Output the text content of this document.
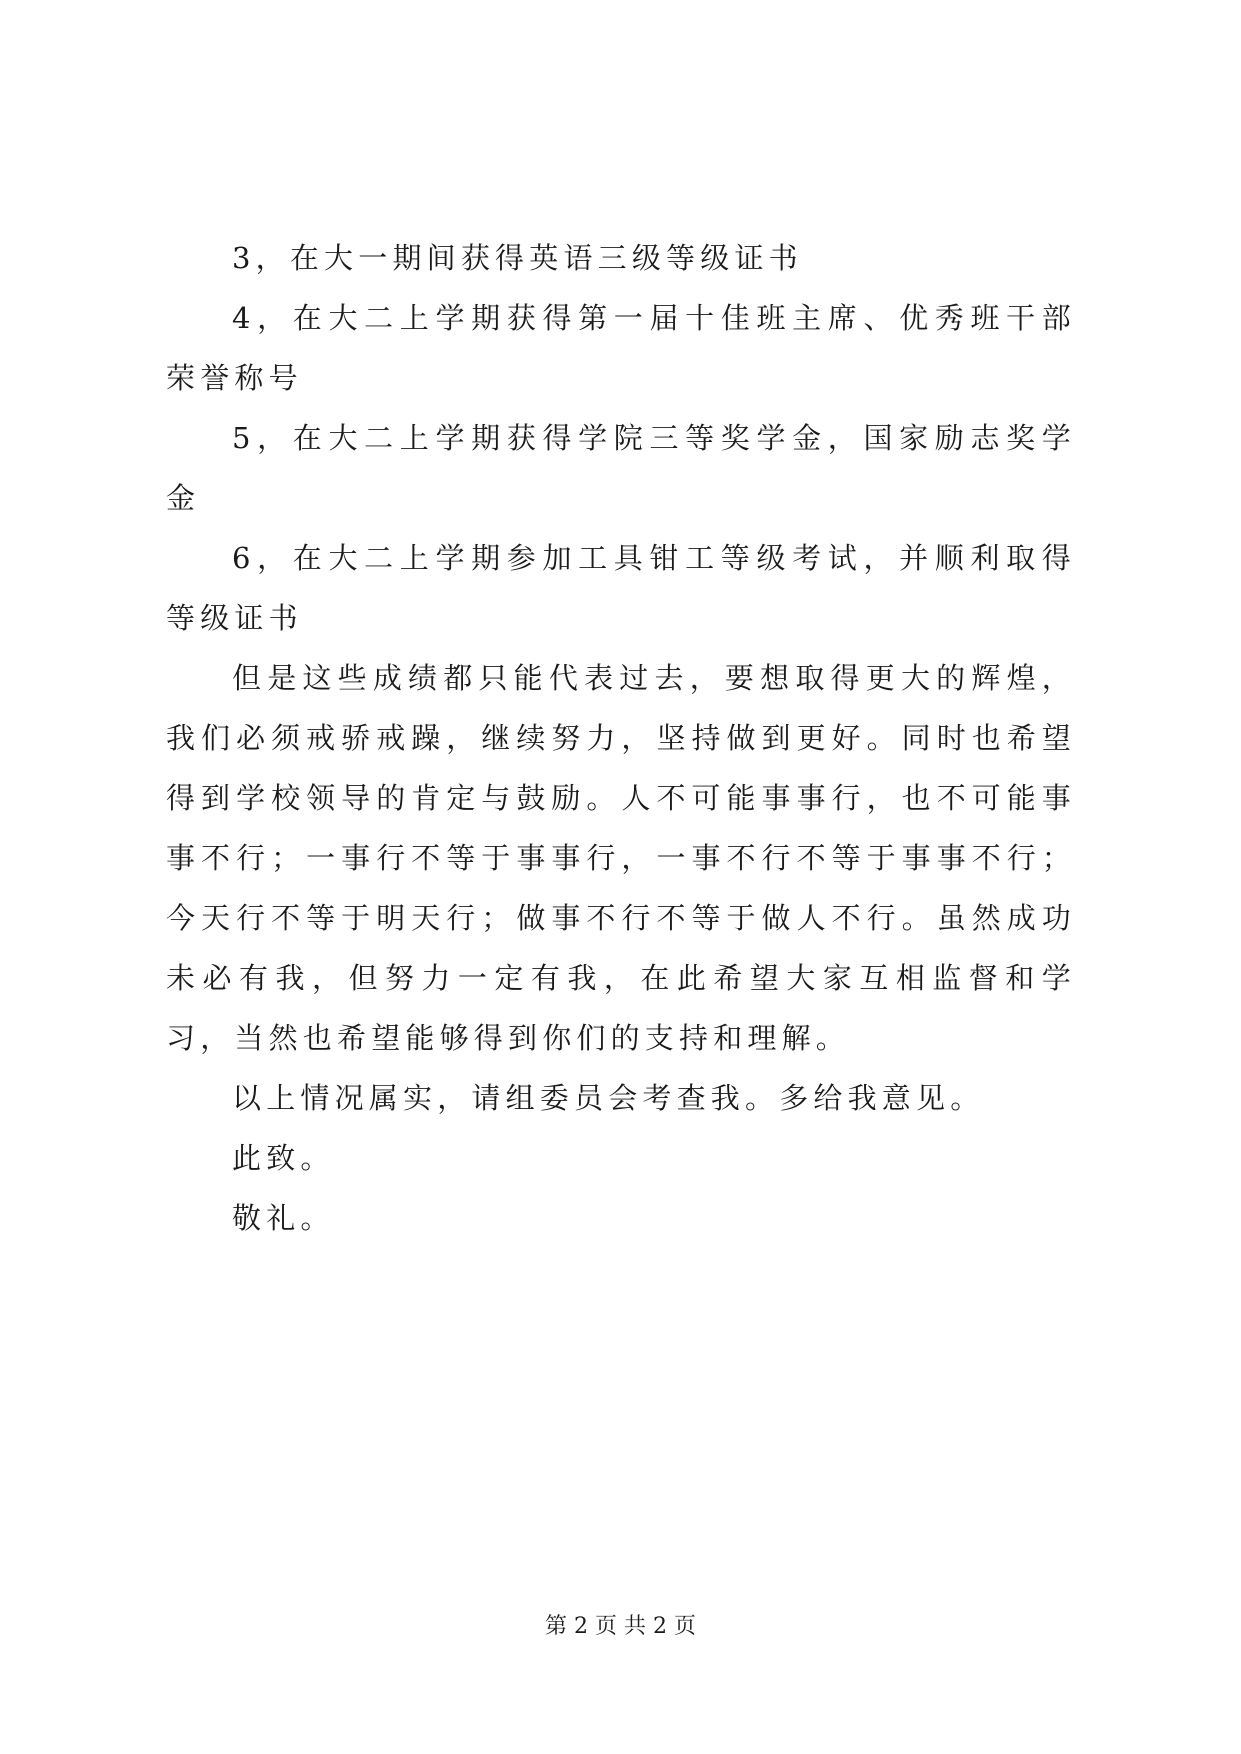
3，在大一期间获得英语三级等级证书

4，在大二上学期获得第一届十佳班主席、优秀班干部荣誉称号

5，在大二上学期获得学院三等奖学金，国家励志奖学金

6，在大二上学期参加工具钳工等级考试，并顺利取得等级证书

但是这些成绩都只能代表过去，要想取得更大的辉煌，我们必须戒骄戒躁，继续努力，坚持做到更好。同时也希望得到学校领导的肯定与鼓励。人不可能事事行，也不可能事事不行；一事行不等于事事行，一事不行不等于事事不行；今天行不等于明天行；做事不行不等于做人不行。虽然成功未必有我，但努力一定有我，在此希望大家互相监督和学习，当然也希望能够得到你们的支持和理解。

以上情况属实，请组委员会考查我。多给我意见。

此致。

敬礼。

第 2 页 共 2 页
